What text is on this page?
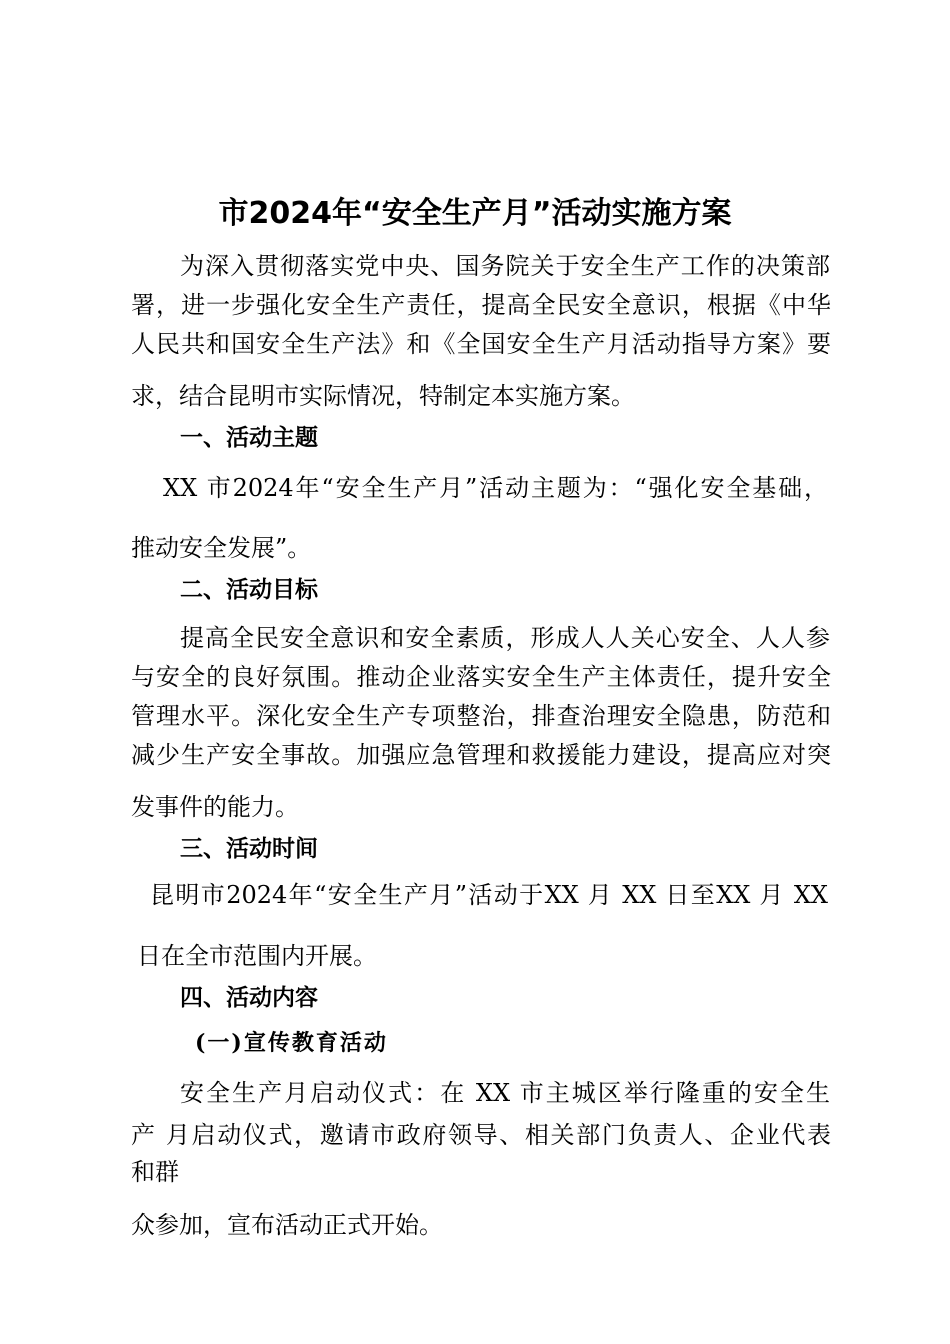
市2024年“安全生产月”活动实施方案
为深入贯彻落实党中央、国务院关于安全生产工作的决策部
署，进一步强化安全生产责任，提高全民安全意识，根据《中华
人民共和国安全生产法》和《全国安全生产月活动指导方案》要
求，结合昆明市实际情况，特制定本实施方案。
一、活动主题
XX 市2024年“安全生产月”活动主题为：“强化安全基础，
推动安全发展”。
二、活动目标
提高全民安全意识和安全素质，形成人人关心安全、人人参
与安全的良好氛围。推动企业落实安全生产主体责任，提升安全
管理水平。深化安全生产专项整治，排查治理安全隐患，防范和
减少生产安全事故。加强应急管理和救援能力建设，提高应对突
发事件的能力。
三、活动时间
昆明市2024年“安全生产月”活动于XX 月 XX 日至XX 月 XX
日在全市范围内开展。
四、活动内容
(一)宣传教育活动
安全生产月启动仪式：在 XX 市主城区举行隆重的安全生
产 月启动仪式，邀请市政府领导、相关部门负责人、企业代表
和群
众参加，宣布活动正式开始。
